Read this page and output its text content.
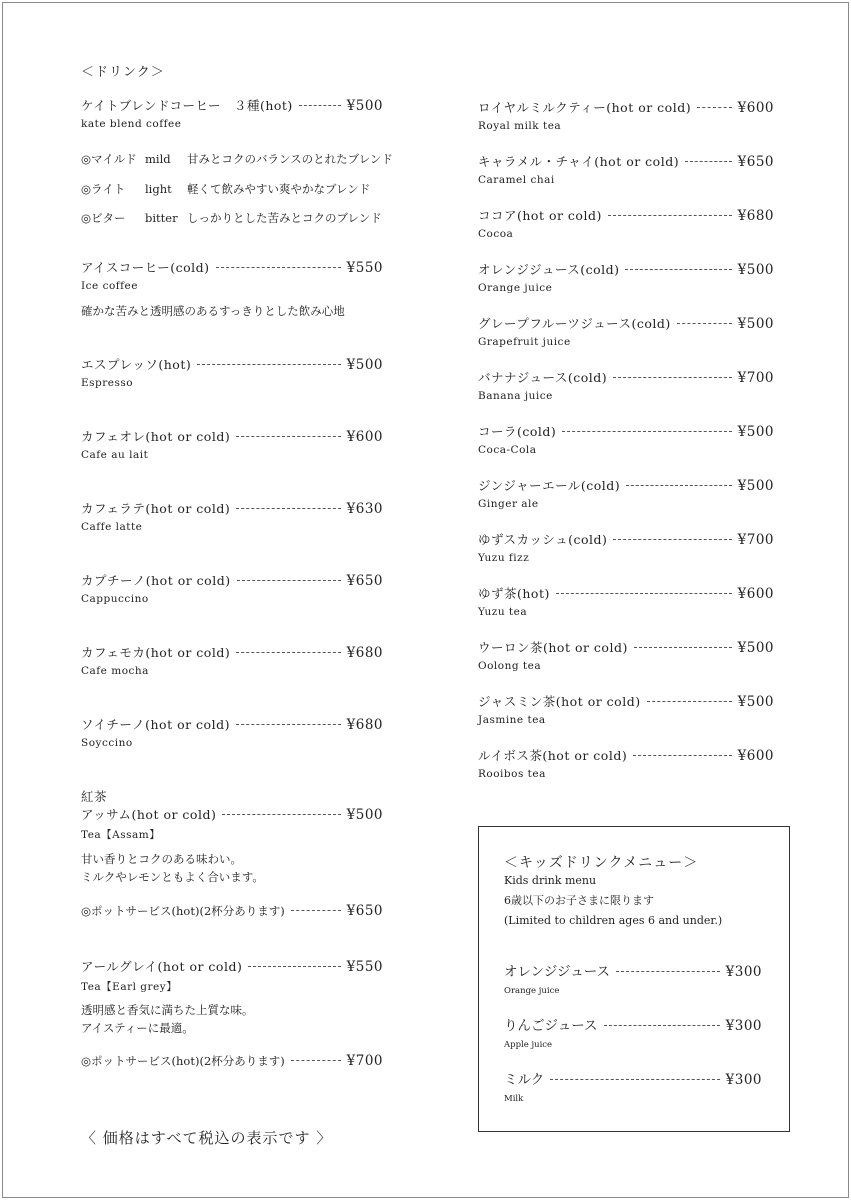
＜ドリンク＞
ケイトブレンドコーヒー　３種(hot)	¥500
kate blend coffee
◎マイルド mild 甘みとコクのバランスのとれたブレンド
◎ライト light 軽くて飲みやすい爽やかなブレンド
◎ビター bitter しっかりとした苦みとコクのブレンド
アイスコーヒー(cold)	¥550
Ice coffee
確かな苦みと透明感のあるすっきりとした飲み心地
エスプレッソ(hot)	¥500
Espresso
カフェオレ(hot or cold)	¥600
Cafe au lait
カフェラテ(hot or cold)	¥630
Caffe latte
カプチーノ(hot or cold)	¥650
Cappuccino
カフェモカ(hot or cold)	¥680
Cafe mocha
ソイチーノ(hot or cold)	¥680
Soyccino
紅茶
アッサム(hot or cold)	¥500
Tea【Assam】
甘い香りとコクのある味わい。
ミルクやレモンともよく合います。
◎ポットサービス(hot)(2杯分あります)	¥650
アールグレイ(hot or cold)	¥550
Tea【Earl grey】
透明感と香気に満ちた上質な味。
アイスティーに最適。
◎ポットサービス(hot)(2杯分あります)	¥700
〈 価格はすべて税込の表示です 〉
ロイヤルミルクティー(hot or cold)	¥600
Royal milk tea
キャラメル・チャイ(hot or cold)	¥650
Caramel chai
ココア(hot or cold)	¥680
Cocoa
オレンジジュース(cold)	¥500
Orange juice
グレープフルーツジュース(cold)	¥500
Grapefruit juice
バナナジュース(cold)	¥700
Banana juice
コーラ(cold)	¥500
Coca-Cola
ジンジャーエール(cold)	¥500
Ginger ale
ゆずスカッシュ(cold)	¥700
Yuzu fizz
ゆず茶(hot)	¥600
Yuzu tea
ウーロン茶(hot or cold)	¥500
Oolong tea
ジャスミン茶(hot or cold)	¥500
Jasmine tea
ルイボス茶(hot or cold)	¥600
Rooibos tea
＜キッズドリンクメニュー＞
Kids drink menu
6歳以下のお子さまに限ります
(Limited to children ages 6 and under.)
オレンジジュース	¥300
Orange juice
りんごジュース	¥300
Apple juice
ミルク	¥300
Milk
